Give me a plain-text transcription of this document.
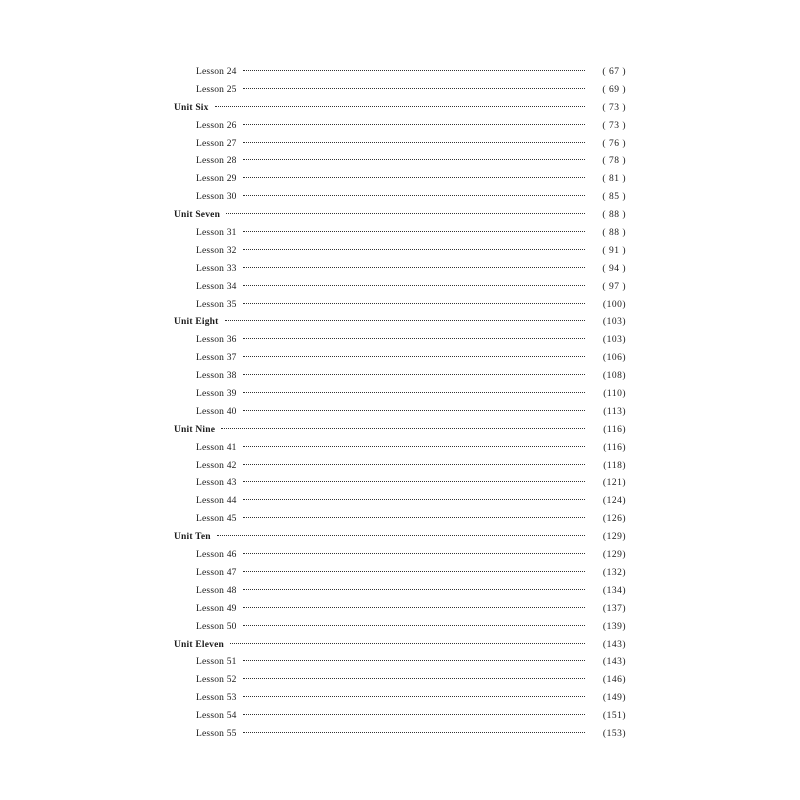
Lesson 24	( 67 )
Lesson 25	( 69 )
Unit Six	( 73 )
Lesson 26	( 73 )
Lesson 27	( 76 )
Lesson 28	( 78 )
Lesson 29	( 81 )
Lesson 30	( 85 )
Unit Seven	( 88 )
Lesson 31	( 88 )
Lesson 32	( 91 )
Lesson 33	( 94 )
Lesson 34	( 97 )
Lesson 35	(100)
Unit Eight	(103)
Lesson 36	(103)
Lesson 37	(106)
Lesson 38	(108)
Lesson 39	(110)
Lesson 40	(113)
Unit Nine	(116)
Lesson 41	(116)
Lesson 42	(118)
Lesson 43	(121)
Lesson 44	(124)
Lesson 45	(126)
Unit Ten	(129)
Lesson 46	(129)
Lesson 47	(132)
Lesson 48	(134)
Lesson 49	(137)
Lesson 50	(139)
Unit Eleven	(143)
Lesson 51	(143)
Lesson 52	(146)
Lesson 53	(149)
Lesson 54	(151)
Lesson 55	(153)
